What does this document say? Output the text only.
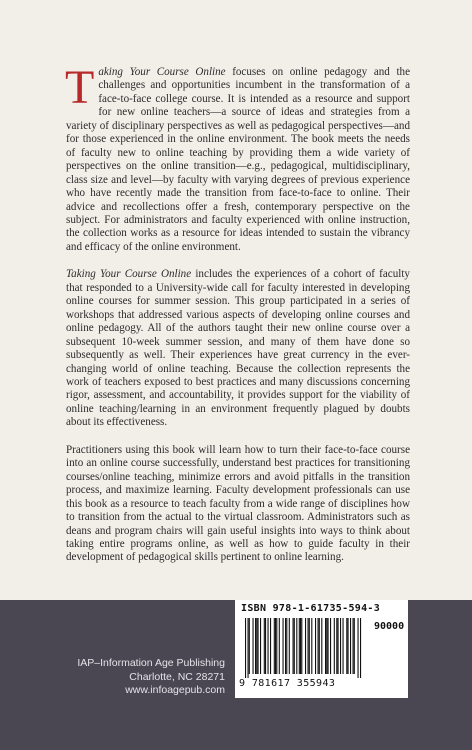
Taking Your Course Online focuses on online pedagogy and the challenges and opportunities incumbent in the transformation of a face-to-face college course. It is intended as a resource and support for new online teachers—a source of ideas and strategies from a variety of disciplinary perspectives as well as pedagogical perspectives—and for those experienced in the online environment. The book meets the needs of faculty new to online teaching by providing them a wide variety of perspectives on the online transition—e.g., pedagogical, multidisciplinary, class size and level—by faculty with varying degrees of previous experience who have recently made the transition from face-to-face to online. Their advice and recollections offer a fresh, contemporary perspective on the subject. For administrators and faculty experienced with online instruction, the collection works as a resource for ideas intended to sustain the vibrancy and efficacy of the online environment.

Taking Your Course Online includes the experiences of a cohort of faculty that responded to a University-wide call for faculty interested in developing online courses for summer session. This group participated in a series of workshops that addressed various aspects of developing online courses and online pedagogy. All of the authors taught their new online course over a subsequent 10-week summer session, and many of them have done so subsequently as well. Their experiences have great currency in the ever-changing world of online teaching. Because the collection represents the work of teachers exposed to best practices and many discussions concerning rigor, assessment, and accountability, it provides support for the viability of online teaching/learning in an environment frequently plagued by doubts about its effectiveness.

Practitioners using this book will learn how to turn their face-to-face course into an online course successfully, understand best practices for transitioning courses/online teaching, minimize errors and avoid pitfalls in the transition process, and maximize learning. Faculty development professionals can use this book as a resource to teach faculty from a wide range of disciplines how to transition from the actual to the virtual classroom. Administrators such as deans and program chairs will gain useful insights into ways to think about taking entire programs online, as well as how to guide faculty in their development of pedagogical skills pertinent to online learning.

IAP–Information Age Publishing
Charlotte, NC 28271
www.infoagepub.com
ISBN 978-1-61735-594-3
90000
9 781617 355943
